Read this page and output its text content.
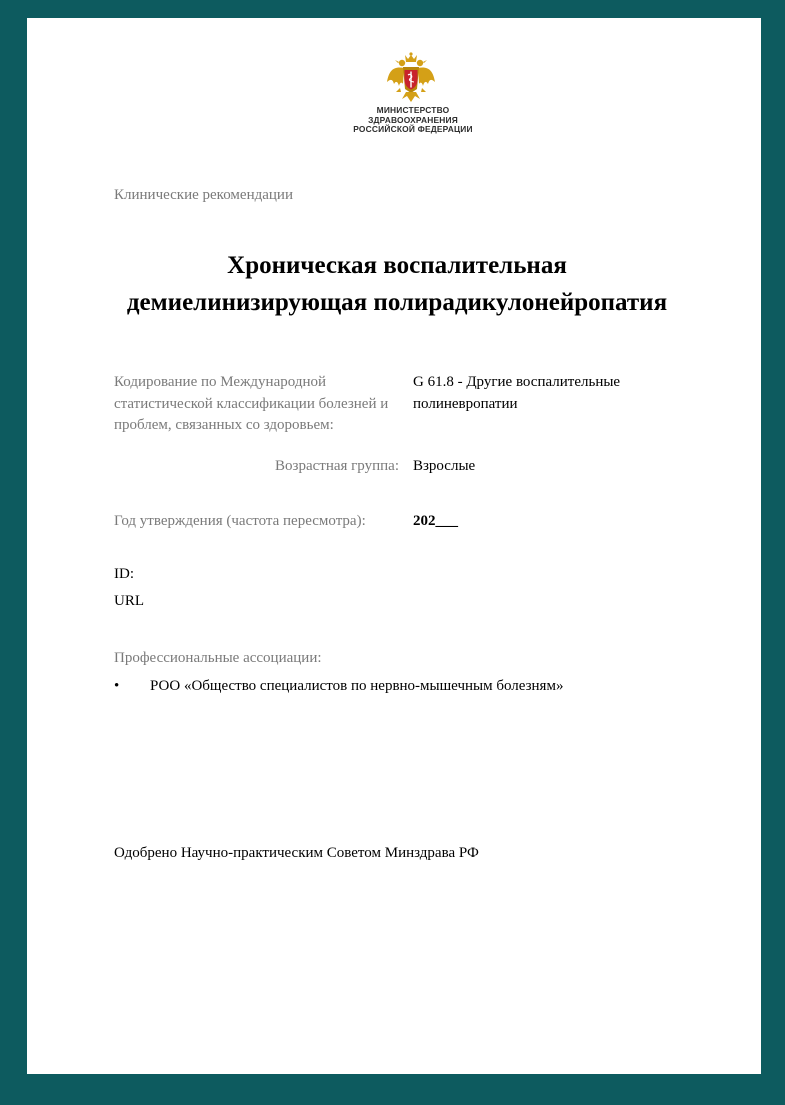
МИНИСТЕРСТВО
ЗДРАВООХРАНЕНИЯ
РОССИЙСКОЙ ФЕДЕРАЦИИ
Клинические рекомендации
Хроническая воспалительная
демиелинизирующая полирадикулонейропатия
Кодирование по Международной статистической классификации болезней и проблем, связанных со здоровьем:
G 61.8 - Другие воспалительные полиневропатии
Возрастная группа: Взрослые
Год утверждения (частота пересмотра):	202___
ID:
URL
Профессиональные ассоциации:
• РОО «Общество специалистов по нервно-мышечным болезням»
Одобрено Научно-практическим Советом Минздрава РФ
